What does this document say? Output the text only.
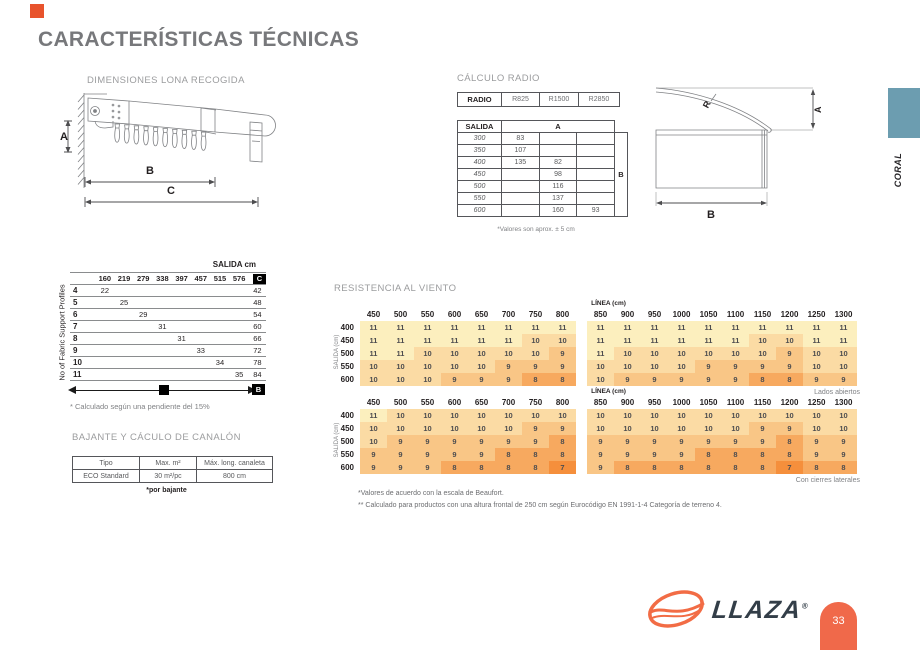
CARACTERÍSTICAS TÉCNICAS
DIMENSIONES LONA RECOGIDA
A
B
C
CÁLCULO RADIO
RADIO	R825	R1500	R2850
SALIDA	A		
300	83		
350	107		
400	135	82	
450		98	
500		116	
550		137	
600		160	93
B
*Valores son aprox. ± 5 cm
R
A
B
No of Fabric Support Profiles
SALIDA cm
	160	219	279	338	397	457	515	576	C

4	22								42
5		25							48
6			29						54
7				31					60
8					31				66
9						33			72
10							34		78
11								35	84
B
* Calculado según una pendiente del 15%
BAJANTE Y CÁCULO DE CANALÓN
Tipo	Max. m²	Máx. long. canaleta
ECO Standard	30 m²/pc	800 cm
*por bajante
RESISTENCIA AL VIENTO
LÍNEA (cm)
450	500	550	600	650	700	750	800	850	900	950	1000	1050	1100	1150	1200	1250	1300
400	11	11	11	11	11	11	11	11	11	11	11	11	11	11	11	11	11	11
450	11	11	11	11	11	11	10	10	11	11	11	11	11	11	10	10	11	11
500	11	11	10	10	10	10	10	9	11	10	10	10	10	10	10	9	10	10
550	10	10	10	10	10	9	9	9	10	10	10	10	9	9	9	9	10	10
600	10	10	10	9	9	9	8	8	10	9	9	9	9	9	8	8	9	9
Lados abiertos
LÍNEA (cm)
450	500	550	600	650	700	750	800	850	900	950	1000	1050	1100	1150	1200	1250	1300
400	11	10	10	10	10	10	10	10	10	10	10	10	10	10	10	10	10	10
450	10	10	10	10	10	10	9	9	10	10	10	10	10	10	9	9	10	10
500	10	9	9	9	9	9	9	8	9	9	9	9	9	9	9	8	9	9
550	9	9	9	9	9	8	8	8	9	9	9	9	8	8	8	8	9	9
600	9	9	9	8	8	8	8	7	9	8	8	8	8	8	8	7	8	8
Con cierres laterales
SALIDA (cm)
SALIDA (cm)
*Valores de acuerdo con la escala de Beaufort.
** Calculado para productos con una altura frontal de 250 cm según Eurocódigo EN 1991-1-4 Categoría de terreno 4.
LLAZA®
33
CORAL
